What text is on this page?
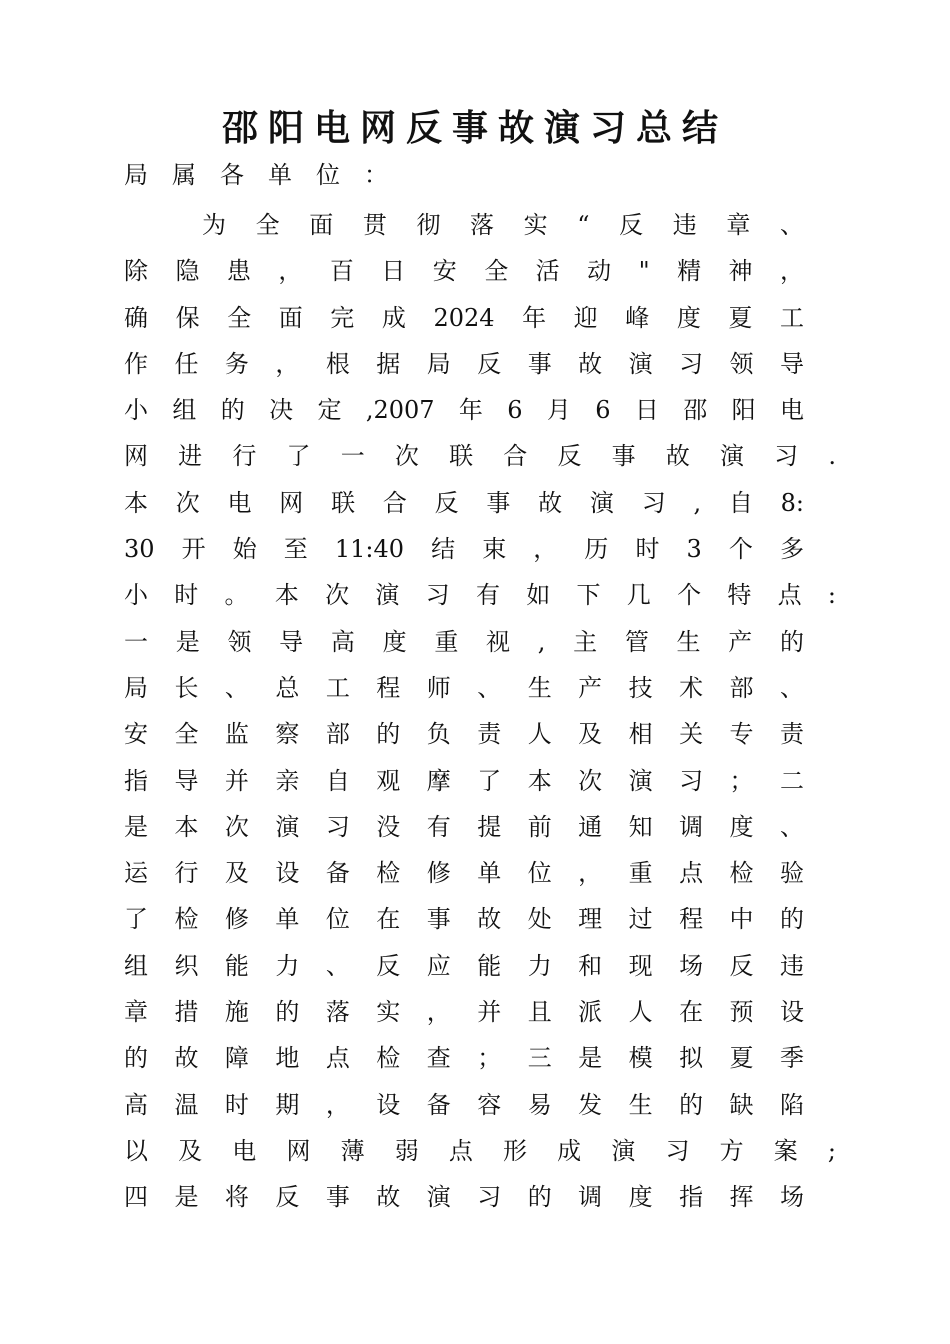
邵阳电网反事故演习总结
局属各单位：
为全面贯彻落实“反违章、
除隐患，百日安全活动"精神，
确保全面完成2024年迎峰度夏工
作任务，根据局反事故演习领导
小组的决定,2007年6月6日邵阳电
网进行了一次联合反事故演习.
本次电网联合反事故演习,自8:
30开始至11:40结束，历时3个多
小时。本次演习有如下几个特点:
一是领导高度重视,主管生产的
局长、总工程师、生产技术部、
安全监察部的负责人及相关专责
指导并亲自观摩了本次演习；二
是本次演习没有提前通知调度、
运行及设备检修单位，重点检验
了检修单位在事故处理过程中的
组织能力、反应能力和现场反违
章措施的落实，并且派人在预设
的故障地点检查；三是模拟夏季
高温时期，设备容易发生的缺陷
以及电网薄弱点形成演习方案;
四是将反事故演习的调度指挥场
